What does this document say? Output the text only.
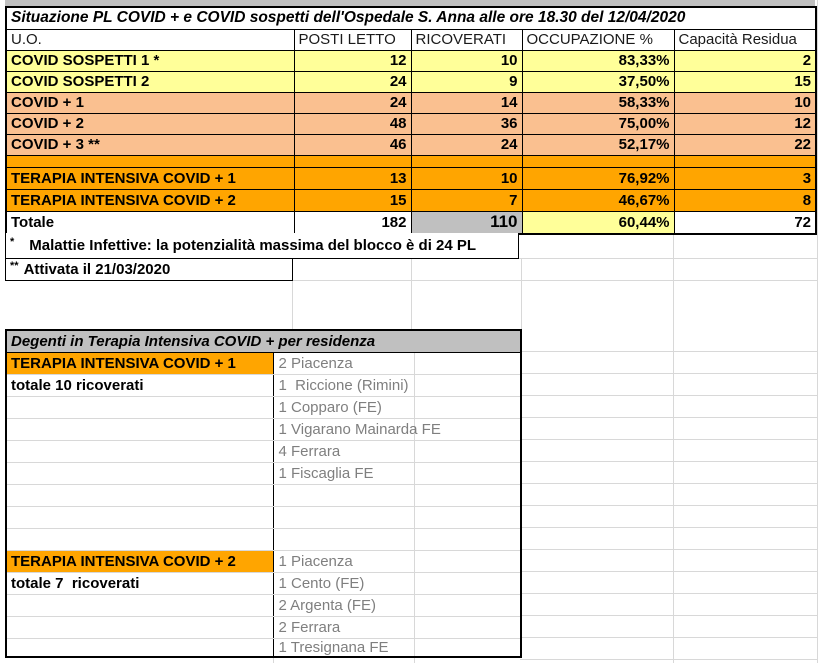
Situazione PL COVID + e COVID sospetti dell'Ospedale S. Anna alle ore 18.30 del 12/04/2020				
U.O.	POSTI LETTO	RICOVERATI	OCCUPAZIONE %	Capacità Residua
COVID SOSPETTI 1 *	12	10	83,33%	2
COVID SOSPETTI 2	24	9	37,50%	15
COVID + 1	24	14	58,33%	10
COVID + 2	48	36	75,00%	12
COVID + 3 **	46	24	52,17%	22

TERAPIA INTENSIVA COVID + 1	13	10	76,92%	3
TERAPIA INTENSIVA COVID + 2	15	7	46,67%	8
Totale	182	110	60,44%	72
* Malattie Infettive: la potenzialità massima del blocco è di 24 PL
** Attivata il 21/03/2020
Degenti in Terapia Intensiva COVID + per residenza	
TERAPIA INTENSIVA COVID + 1	2 Piacenza
totale 10 ricoverati	1  Riccione (Rimini)
	1 Copparo (FE)
	1 Vigarano Mainarda FE
	4 Ferrara
	1 Fiscaglia FE

TERAPIA INTENSIVA COVID + 2	1 Piacenza
totale 7  ricoverati	1 Cento (FE)
	2 Argenta (FE)
	2 Ferrara
	1 Tresignana FE
